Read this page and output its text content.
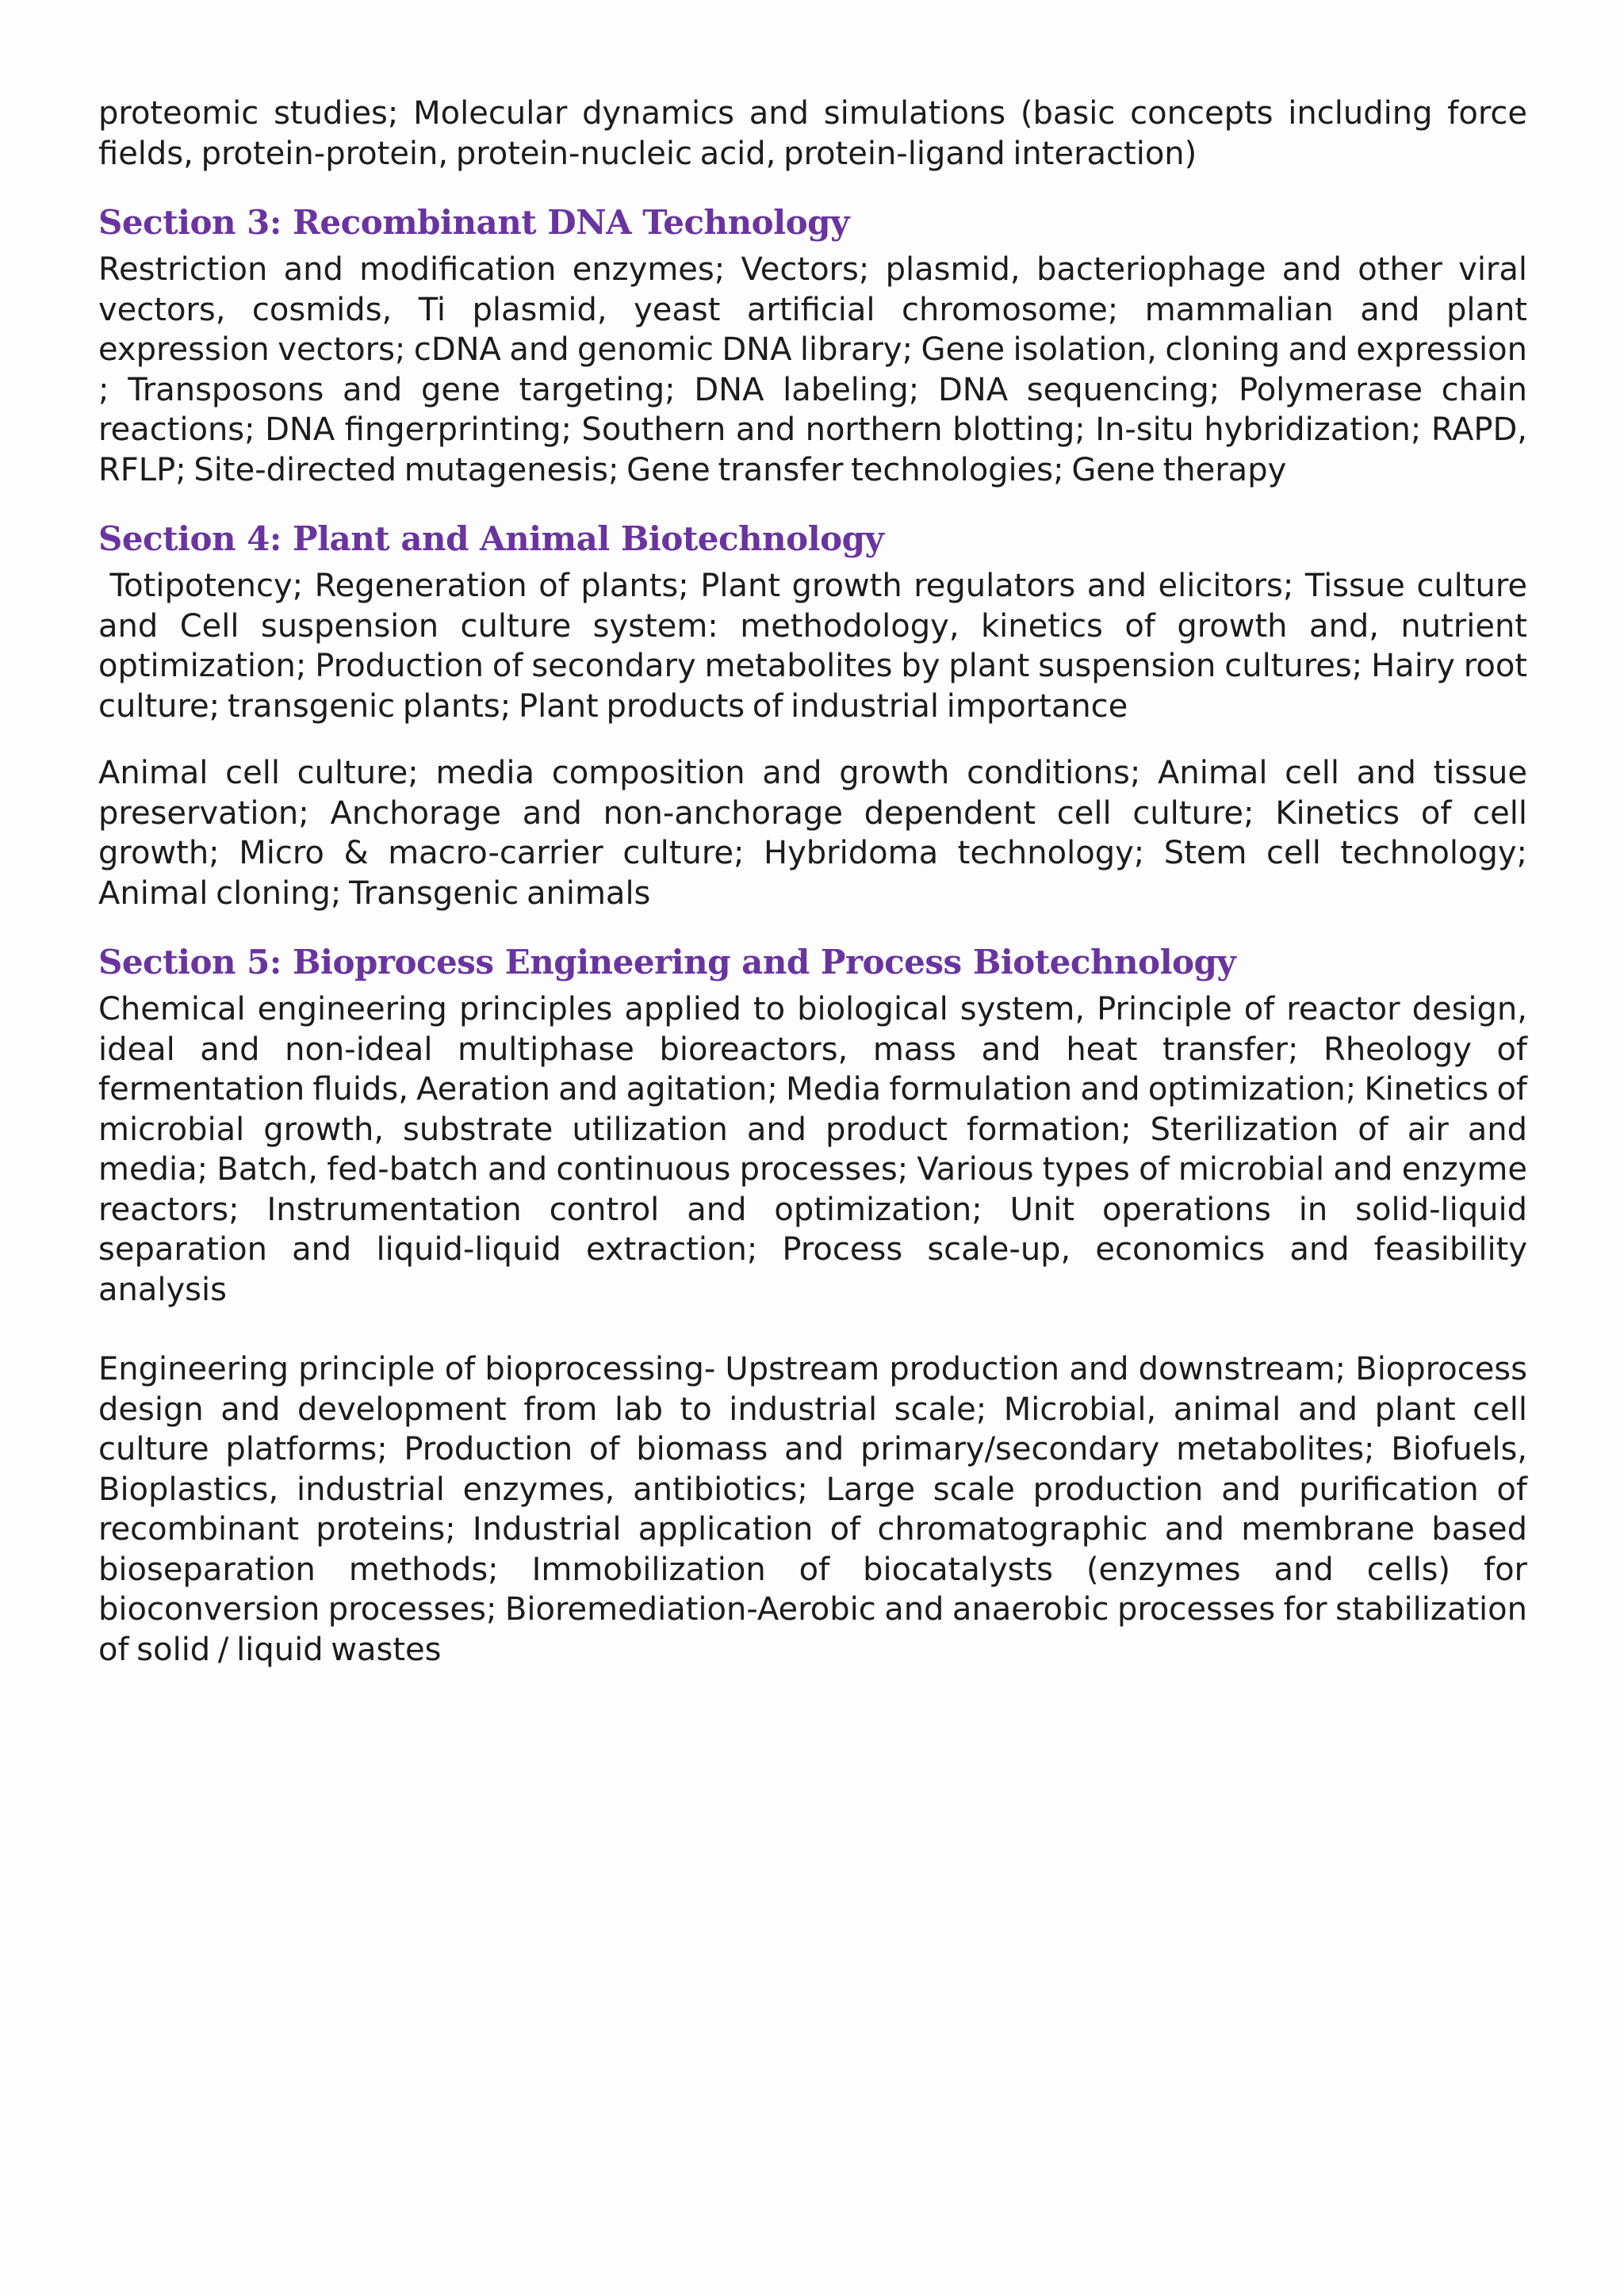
proteomic studies; Molecular dynamics and simulations (basic concepts including force fields, protein-protein, protein-nucleic acid, protein-ligand interaction)

Section 3: Recombinant DNA Technology

Restriction and modification enzymes; Vectors; plasmid, bacteriophage and other viral vectors, cosmids, Ti plasmid, yeast artificial chromosome; mammalian and plant expression vectors; cDNA and genomic DNA library; Gene isolation, cloning and expression ; Transposons and gene targeting; DNA labeling; DNA sequencing; Polymerase chain reactions; DNA fingerprinting; Southern and northern blotting; In-situ hybridization; RAPD, RFLP; Site-directed mutagenesis; Gene transfer technologies; Gene therapy

Section 4: Plant and Animal Biotechnology

Totipotency; Regeneration of plants; Plant growth regulators and elicitors; Tissue culture and Cell suspension culture system: methodology, kinetics of growth and, nutrient optimization; Production of secondary metabolites by plant suspension cultures; Hairy root culture; transgenic plants; Plant products of industrial importance

Animal cell culture; media composition and growth conditions; Animal cell and tissue preservation; Anchorage and non-anchorage dependent cell culture; Kinetics of cell growth; Micro & macro-carrier culture; Hybridoma technology; Stem cell technology; Animal cloning; Transgenic animals

Section 5: Bioprocess Engineering and Process Biotechnology

Chemical engineering principles applied to biological system, Principle of reactor design, ideal and non-ideal multiphase bioreactors, mass and heat transfer; Rheology of fermentation fluids, Aeration and agitation; Media formulation and optimization; Kinetics of microbial growth, substrate utilization and product formation; Sterilization of air and media; Batch, fed-batch and continuous processes; Various types of microbial and enzyme reactors; Instrumentation control and optimization; Unit operations in solid-liquid separation and liquid-liquid extraction; Process scale-up, economics and feasibility analysis

Engineering principle of bioprocessing- Upstream production and downstream; Bioprocess design and development from lab to industrial scale; Microbial, animal and plant cell culture platforms; Production of biomass and primary/secondary metabolites; Biofuels, Bioplastics, industrial enzymes, antibiotics; Large scale production and purification of recombinant proteins; Industrial application of chromatographic and membrane based bioseparation methods; Immobilization of biocatalysts (enzymes and cells) for bioconversion processes; Bioremediation-Aerobic and anaerobic processes for stabilization of solid / liquid wastes
